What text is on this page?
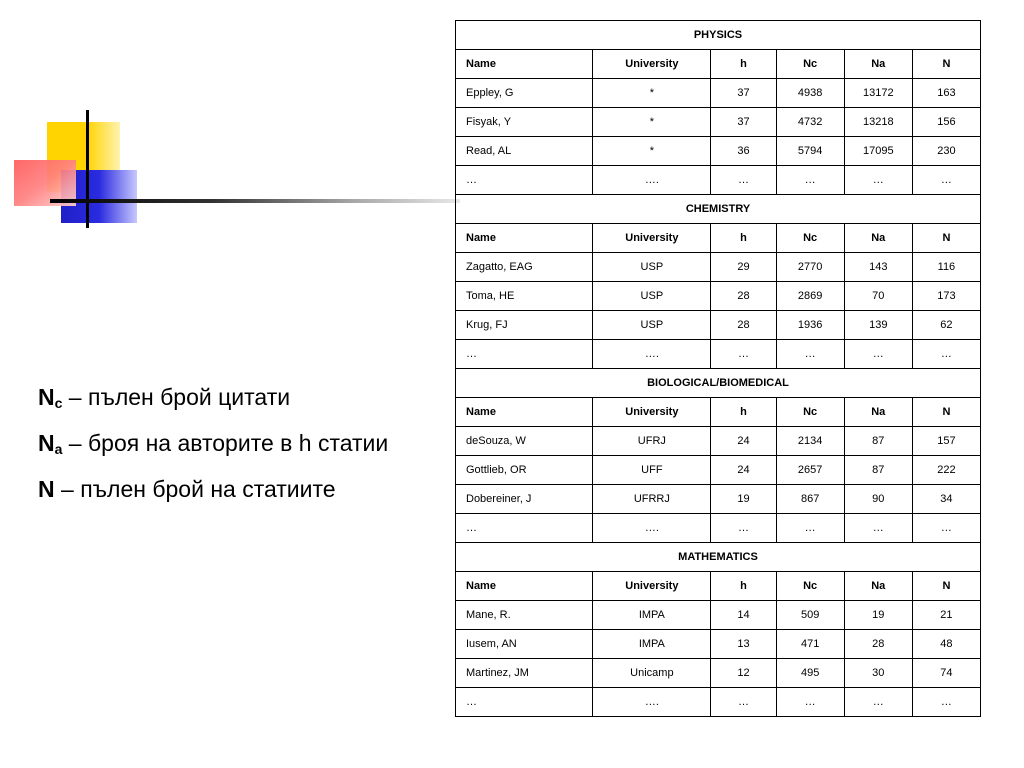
$N_c$ – пълен брой цитати
$N_a$ – броя на авторите в h статии
N – пълен брой на статиите
PHYSICS					
Name	University	h	Nc	Na	N
Eppley, G	*	37	4938	13172	163
Fisyak, Y	*	37	4732	13218	156
Read, AL	*	36	5794	17095	230
…	….	…	…	…	…
CHEMISTRY					
Name	University	h	Nc	Na	N
Zagatto, EAG	USP	29	2770	143	116
Toma, HE	USP	28	2869	70	173
Krug, FJ	USP	28	1936	139	62
…	….	…	…	…	…
BIOLOGICAL/BIOMEDICAL					
Name	University	h	Nc	Na	N
deSouza, W	UFRJ	24	2134	87	157
Gottlieb, OR	UFF	24	2657	87	222
Dobereiner, J	UFRRJ	19	867	90	34
…	….	…	…	…	…
MATHEMATICS					
Name	University	h	Nc	Na	N
Mane, R.	IMPA	14	509	19	21
Iusem, AN	IMPA	13	471	28	48
Martinez, JM	Unicamp	12	495	30	74
…	….	…	…	…	…
